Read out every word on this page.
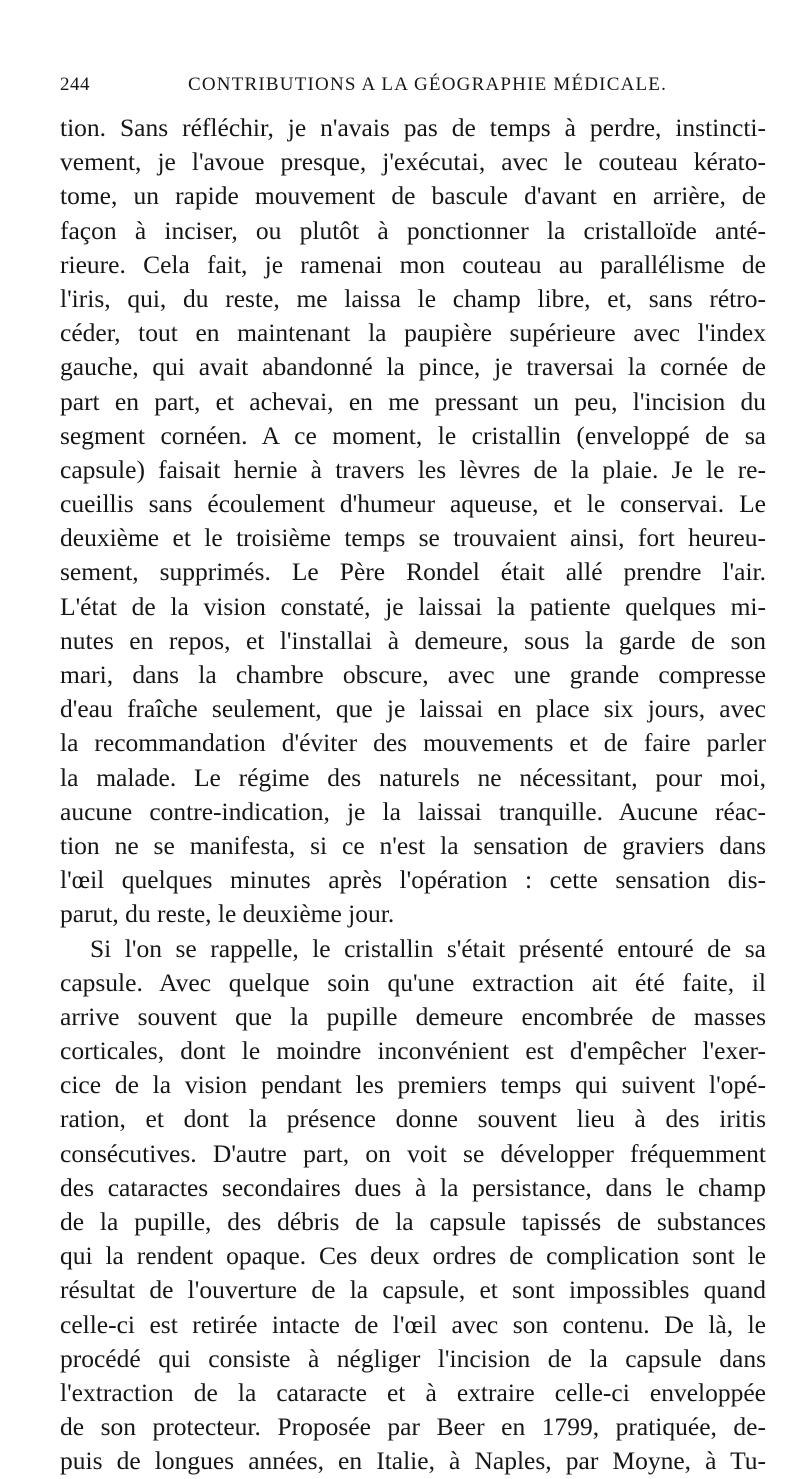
244	CONTRIBUTIONS A LA GÉOGRAPHIE MÉDICALE.
tion. Sans réfléchir, je n'avais pas de temps à perdre, instincti-
vement, je l'avoue presque, j'exécutai, avec le couteau kérato-
tome, un rapide mouvement de bascule d'avant en arrière, de
façon à inciser, ou plutôt à ponctionner la cristalloïde anté-
rieure. Cela fait, je ramenai mon couteau au parallélisme de
l'iris, qui, du reste, me laissa le champ libre, et, sans rétro-
céder, tout en maintenant la paupière supérieure avec l'index
gauche, qui avait abandonné la pince, je traversai la cornée de
part en part, et achevai, en me pressant un peu, l'incision du
segment cornéen. A ce moment, le cristallin (enveloppé de sa
capsule) faisait hernie à travers les lèvres de la plaie. Je le re-
cueillis sans écoulement d'humeur aqueuse, et le conservai. Le
deuxième et le troisième temps se trouvaient ainsi, fort heureu-
sement, supprimés. Le Père Rondel était allé prendre l'air.
L'état de la vision constaté, je laissai la patiente quelques mi-
nutes en repos, et l'installai à demeure, sous la garde de son
mari, dans la chambre obscure, avec une grande compresse
d'eau fraîche seulement, que je laissai en place six jours, avec
la recommandation d'éviter des mouvements et de faire parler
la malade. Le régime des naturels ne nécessitant, pour moi,
aucune contre-indication, je la laissai tranquille. Aucune réac-
tion ne se manifesta, si ce n'est la sensation de graviers dans
l'œil quelques minutes après l'opération : cette sensation dis-
parut, du reste, le deuxième jour.
Si l'on se rappelle, le cristallin s'était présenté entouré de sa
capsule. Avec quelque soin qu'une extraction ait été faite, il
arrive souvent que la pupille demeure encombrée de masses
corticales, dont le moindre inconvénient est d'empêcher l'exer-
cice de la vision pendant les premiers temps qui suivent l'opé-
ration, et dont la présence donne souvent lieu à des iritis
consécutives. D'autre part, on voit se développer fréquemment
des cataractes secondaires dues à la persistance, dans le champ
de la pupille, des débris de la capsule tapissés de substances
qui la rendent opaque. Ces deux ordres de complication sont le
résultat de l'ouverture de la capsule, et sont impossibles quand
celle-ci est retirée intacte de l'œil avec son contenu. De là, le
procédé qui consiste à négliger l'incision de la capsule dans
l'extraction de la cataracte et à extraire celle-ci enveloppée
de son protecteur. Proposée par Beer en 1799, pratiquée, de-
puis de longues années, en Italie, à Naples, par Moyne, à Tu-
